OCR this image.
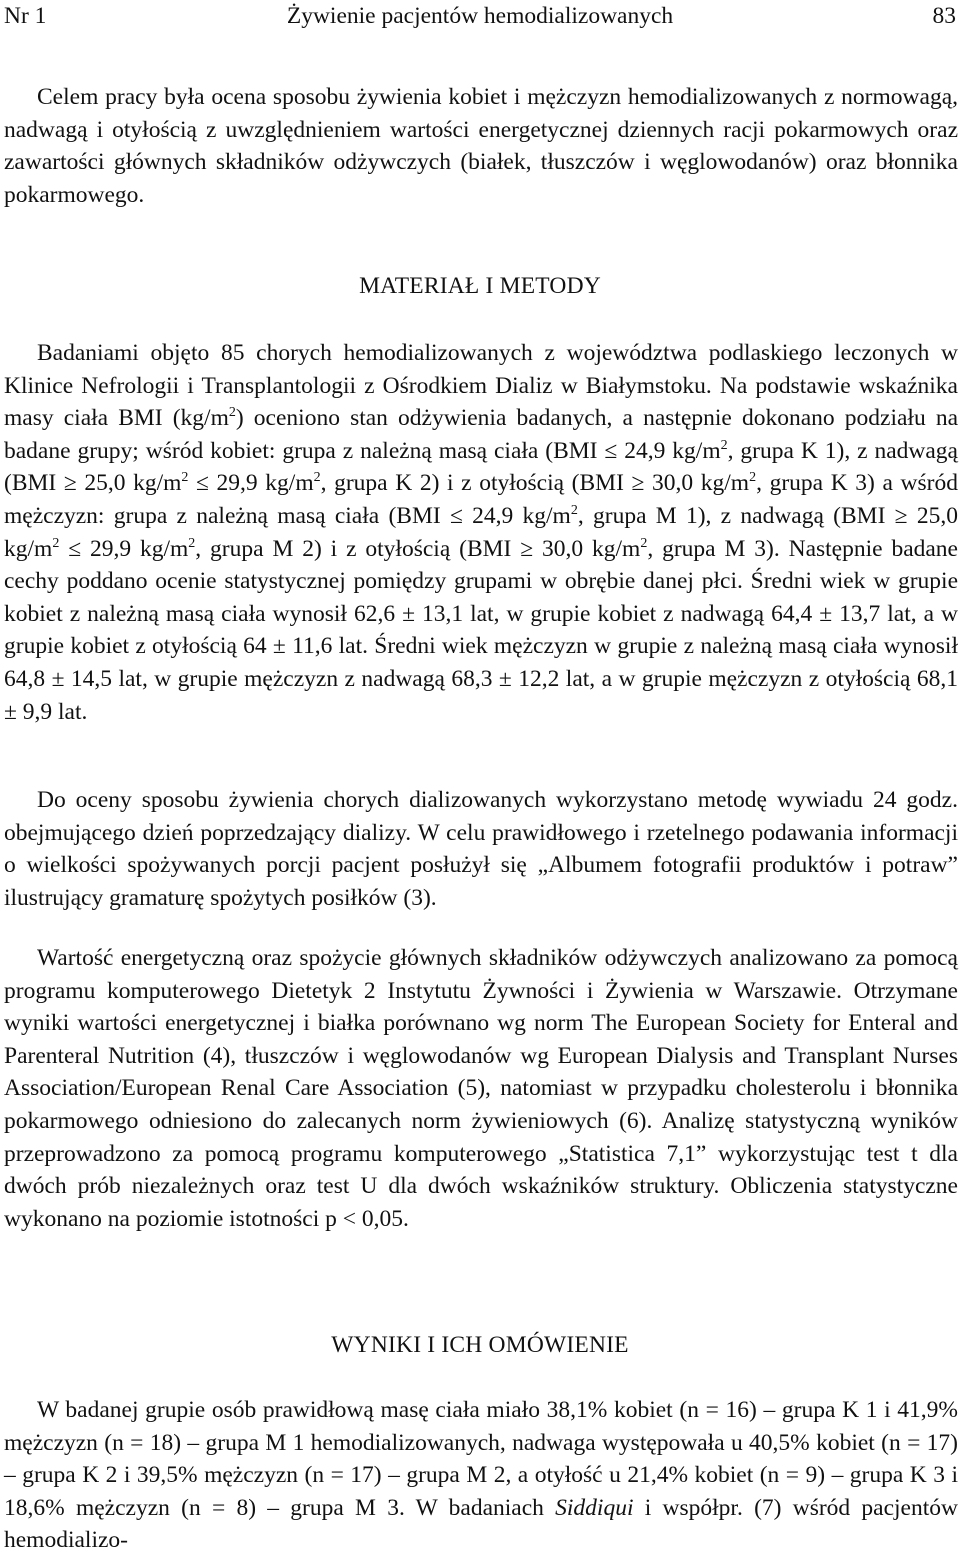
Nr 1	Żywienie pacjentów hemodializowanych	83

Celem pracy była ocena sposobu żywienia kobiet i mężczyzn hemodializowanych z normowagą, nadwagą i otyłością z uwzględnieniem wartości energetycznej dziennych racji pokarmowych oraz zawartości głównych składników odżywczych (białek, tłuszczów i węglowodanów) oraz błonnika pokarmowego.

MATERIAŁ I METODY

Badaniami objęto 85 chorych hemodializowanych z województwa podlaskiego leczonych w Klinice Nefrologii i Transplantologii z Ośrodkiem Dializ w Białymstoku. Na podstawie wskaźnika masy ciała BMI $(kg/m^2)$ oceniono stan odżywienia badanych, a następnie dokonano podziału na badane grupy; wśród kobiet: grupa z należną masą ciała (BMI ≤ 24,9 $kg/m^2$, grupa K 1), z nadwagą (BMI ≥ 25,0 $kg/m^2 \le 29,9$ $kg/m^2$, grupa K 2) i z otyłością (BMI ≥ 30,0 $kg/m^2$, grupa K 3) a wśród mężczyzn: grupa z należną masą ciała (BMI ≤ 24,9 $kg/m^2$, grupa M 1), z nadwagą (BMI ≥ 25,0 $kg/m^2 \le 29,9$ $kg/m^2$, grupa M 2) i z otyłością (BMI ≥ 30,0 $kg/m^2$, grupa M 3). Następnie badane cechy poddano ocenie statystycznej pomiędzy grupami w obrębie danej płci. Średni wiek w grupie kobiet z należną masą ciała wynosił 62,6 ± 13,1 lat, w grupie kobiet z nadwagą 64,4 ± 13,7 lat, a w grupie kobiet z otyłością 64 ± 11,6 lat. Średni wiek mężczyzn w grupie z należną masą ciała wynosił 64,8 ± 14,5 lat, w grupie mężczyzn z nadwagą 68,3 ± 12,2 lat, a w grupie mężczyzn z otyłością 68,1 ± 9,9 lat.

Do oceny sposobu żywienia chorych dializowanych wykorzystano metodę wywiadu 24 godz. obejmującego dzień poprzedzający dializy. W celu prawidłowego i rzetelnego podawania informacji o wielkości spożywanych porcji pacjent posłużył się „Albumem fotografii produktów i potraw” ilustrujący gramaturę spożytych posiłków (3).

Wartość energetyczną oraz spożycie głównych składników odżywczych analizowano za pomocą programu komputerowego Dietetyk 2 Instytutu Żywności i Żywienia w Warszawie. Otrzymane wyniki wartości energetycznej i białka porównano wg norm The European Society for Enteral and Parenteral Nutrition (4), tłuszczów i węglowodanów wg European Dialysis and Transplant Nurses Association/European Renal Care Association (5), natomiast w przypadku cholesterolu i błonnika pokarmowego odniesiono do zalecanych norm żywieniowych (6). Analizę statystyczną wyników przeprowadzono za pomocą programu komputerowego „Statistica 7,1” wykorzystując test t dla dwóch prób niezależnych oraz test U dla dwóch wskaźników struktury. Obliczenia statystyczne wykonano na poziomie istotności p < 0,05.

WYNIKI I ICH OMÓWIENIE

W badanej grupie osób prawidłową masę ciała miało 38,1% kobiet (n = 16) – grupa K 1 i 41,9% mężczyzn (n = 18) – grupa M 1 hemodializowanych, nadwaga występowała u 40,5% kobiet (n = 17) – grupa K 2 i 39,5% mężczyzn (n = 17) – grupa M 2, a otyłość u 21,4% kobiet (n = 9) – grupa K 3 i 18,6% mężczyzn (n = 8) – grupa M 3. W badaniach Siddiqui i współpr. (7) wśród pacjentów hemodializo-
